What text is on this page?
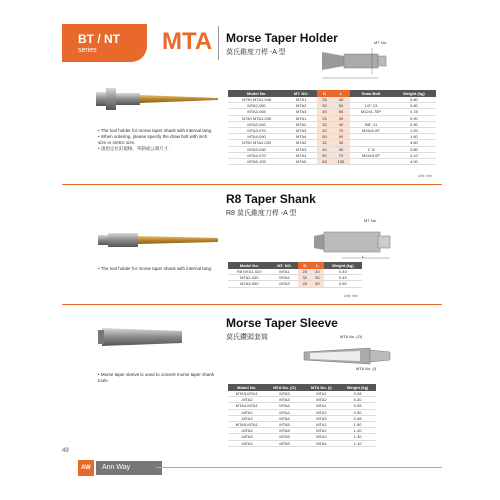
BT / NT
series	MTA Morse Taper Holder
莫氏錐度刀桿 -A 型
MT No.
• The tool holder for morse taper shank with internal tang.
• When ordering, please specify the draw bolt with inch size or metric size.
• 請指定拉釘規格，英制或公制尺寸.
Model No.	MT. NO.	D	L	Draw Bolt	Weight (kg)
NT30 MTA1-045	MTA1	25	45		0.80
MTA2-050	MTA2	32	50	1/2"-13	0.80
MTA3-065	MTA3	40	65	M12x1.75P	0.78
NT40 MTA1-030	MTA1	25	30		0.90
MTA2-040	MTA2	32	40	5/8"-11	0.90
MTA3-070	MTA3	40	70	M16x2.0P	1.20
MTA4-090	MTA4	50	90		1.60
NT50 MTA2-030	MTA2	32	30		3.80
MTA3-030	MTA3	40	30	1"-8	3.80
MTA4-070	MTA4	50	70	M24x3.0P	3.10
MTA5-105	MTA5	63	105		4.00
Unit: mm
R8 Taper Shank
R8 莫氏錐度刀桿 -A 型
MT No.
L
• The tool holder for morse taper shank with internal tang.
Model No.	MT. NO.	D	L	Weight (kg)
R8 MTA1-020	MTA1	25	20	0.40
MTA2-030	MTA2	32	30	0.45
MTA3-050	MTA3	40	50	0.60
Unit: mm
Morse Taper Sleeve
莫氏鑽頭套筒	MTA No. (O)
MTA No. (I)
• Morse taper sleeve is used to convert morse taper shank tools.
Model No.	MTA No. (O)	MTA No. (I)	Weight (kg)
MTA3-MTA1	MTA3	MTA1	0.28
-MTA2	MTA3	MTA2	0.20
MTA4-MTA1	MTA4	MTA1	0.55
-MTA2	MTA4	MTA2	0.50
-MTA3	MTA4	MTA3	0.48
MTA5-MTA1	MTA5	MTA1	1.50
-MTA2	MTA5	MTA2	1.40
-MTA3	MTA5	MTA3	1.30
-MTA4	MTA5	MTA4	1.10
49
AW	Ann Way
